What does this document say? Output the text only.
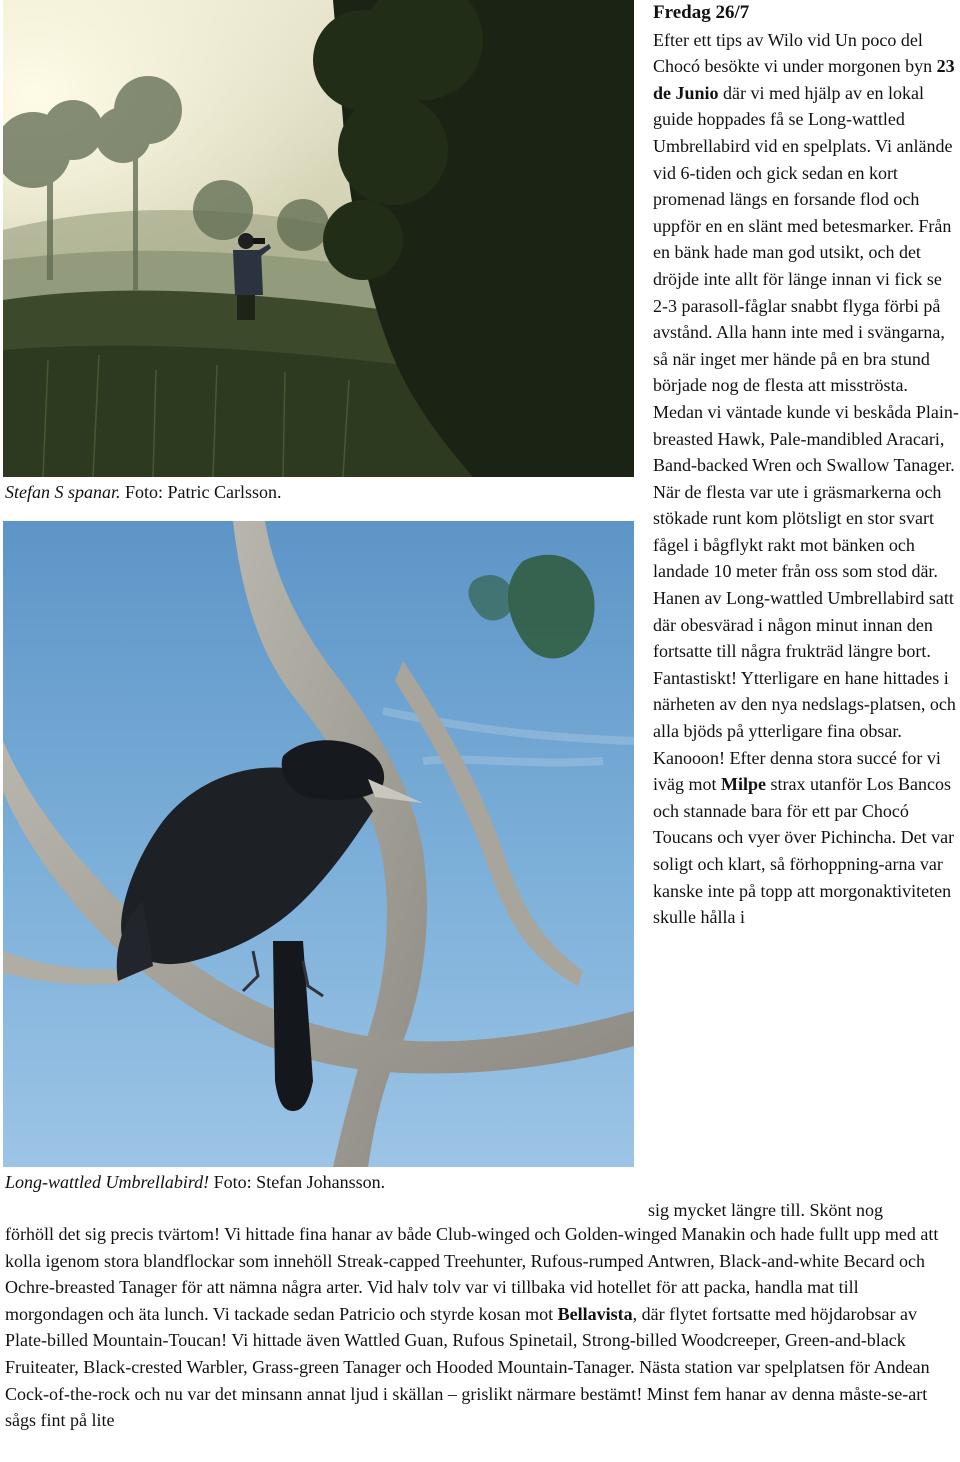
Stefan S spanar. Foto: Patric Carlsson.
Long-wattled Umbrellabird! Foto: Stefan Johansson.

Fredag 26/7

Efter ett tips av Wilo vid Un poco del Chocó besökte vi under morgonen byn 23 de Junio där vi med hjälp av en lokal guide hoppades få se Long-wattled Umbrellabird vid en spelplats. Vi anlände vid 6-tiden och gick sedan en kort promenad längs en forsande flod och uppför en en slänt med betesmarker. Från en bänk hade man god utsikt, och det dröjde inte allt för länge innan vi fick se 2-3 parasoll-fåglar snabbt flyga förbi på avstånd. Alla hann inte med i svängarna, så när inget mer hände på en bra stund började nog de flesta att misströsta. Medan vi väntade kunde vi beskåda Plain-breasted Hawk, Pale-mandibled Aracari, Band-backed Wren och Swallow Tanager. När de flesta var ute i gräsmarkerna och stökade runt kom plötsligt en stor svart fågel i bågflykt rakt mot bänken och landade 10 meter från oss som stod där. Hanen av Long-wattled Umbrellabird satt där obesvärad i någon minut innan den fortsatte till några frukträd längre bort. Fantastiskt! Ytterligare en hane hittades i närheten av den nya nedslags-platsen, och alla bjöds på ytterligare fina obsar. Kanooon! Efter denna stora succé for vi iväg mot Milpe strax utanför Los Bancos och stannade bara för ett par Chocó Toucans och vyer över Pichincha. Det var soligt och klart, så förhoppning-arna var kanske inte på topp att morgonaktiviteten skulle hålla i

sig mycket längre till. Skönt nog

förhöll det sig precis tvärtom! Vi hittade fina hanar av både Club-winged och Golden-winged Manakin och hade fullt upp med att kolla igenom stora blandflockar som innehöll Streak-capped Treehunter, Rufous-rumped Antwren, Black-and-white Becard och Ochre-breasted Tanager för att nämna några arter. Vid halv tolv var vi tillbaka vid hotellet för att packa, handla mat till morgondagen och äta lunch. Vi tackade sedan Patricio och styrde kosan mot Bellavista, där flytet fortsatte med höjdarobsar av Plate-billed Mountain-Toucan! Vi hittade även Wattled Guan, Rufous Spinetail, Strong-billed Woodcreeper, Green-and-black Fruiteater, Black-crested Warbler, Grass-green Tanager och Hooded Mountain-Tanager. Nästa station var spelplatsen för Andean Cock-of-the-rock och nu var det minsann annat ljud i skällan – grislikt närmare bestämt! Minst fem hanar av denna måste-se-art sågs fint på lite
